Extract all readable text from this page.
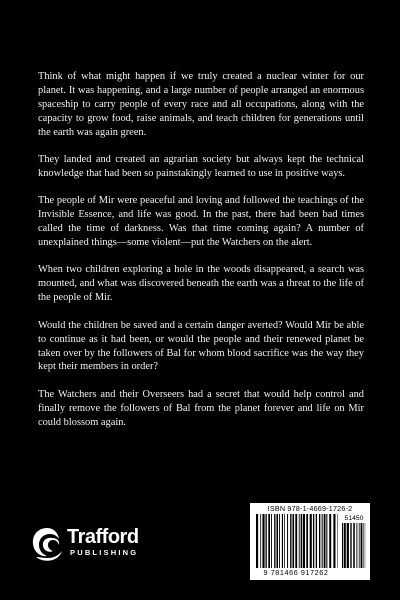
Think of what might happen if we truly created a nuclear winter for our planet. It was happening, and a large number of people arranged an enormous spaceship to carry people of every race and all occupations, along with the capacity to grow food, raise animals, and teach children for generations until the earth was again green.

They landed and created an agrarian society but always kept the technical knowledge that had been so painstakingly learned to use in positive ways.

The people of Mir were peaceful and loving and followed the teachings of the Invisible Essence, and life was good. In the past, there had been bad times called the time of darkness. Was that time coming again? A number of unexplained things—some violent—put the Watchers on the alert.

When two children exploring a hole in the woods disappeared, a search was mounted, and what was discovered beneath the earth was a threat to the life of the people of Mir.

Would the children be saved and a certain danger averted? Would Mir be able to continue as it had been, or would the people and their renewed planet be taken over by the followers of Bal for whom blood sacrifice was the way they kept their members in order?

The Watchers and their Overseers had a secret that would help control and finally remove the followers of Bal from the planet forever and life on Mir could blossom again.

Trafford
PUBLISHING
ISBN 978-1-4669-1726-2
51450
9 781466 917262
